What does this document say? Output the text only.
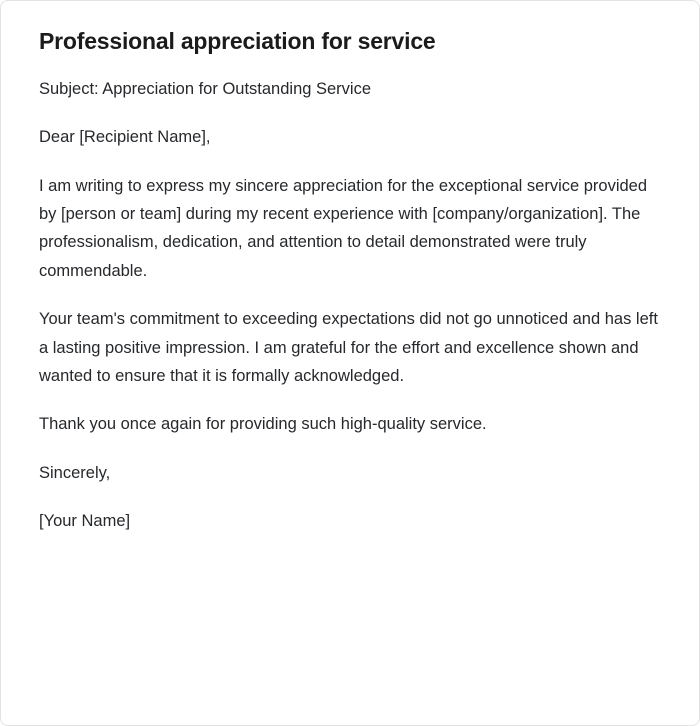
Professional appreciation for service

Subject: Appreciation for Outstanding Service

Dear [Recipient Name],

I am writing to express my sincere appreciation for the exceptional service provided by [person or team] during my recent experience with [company/organization]. The professionalism, dedication, and attention to detail demonstrated were truly commendable.

Your team's commitment to exceeding expectations did not go unnoticed and has left a lasting positive impression. I am grateful for the effort and excellence shown and wanted to ensure that it is formally acknowledged.

Thank you once again for providing such high-quality service.

Sincerely,

[Your Name]
